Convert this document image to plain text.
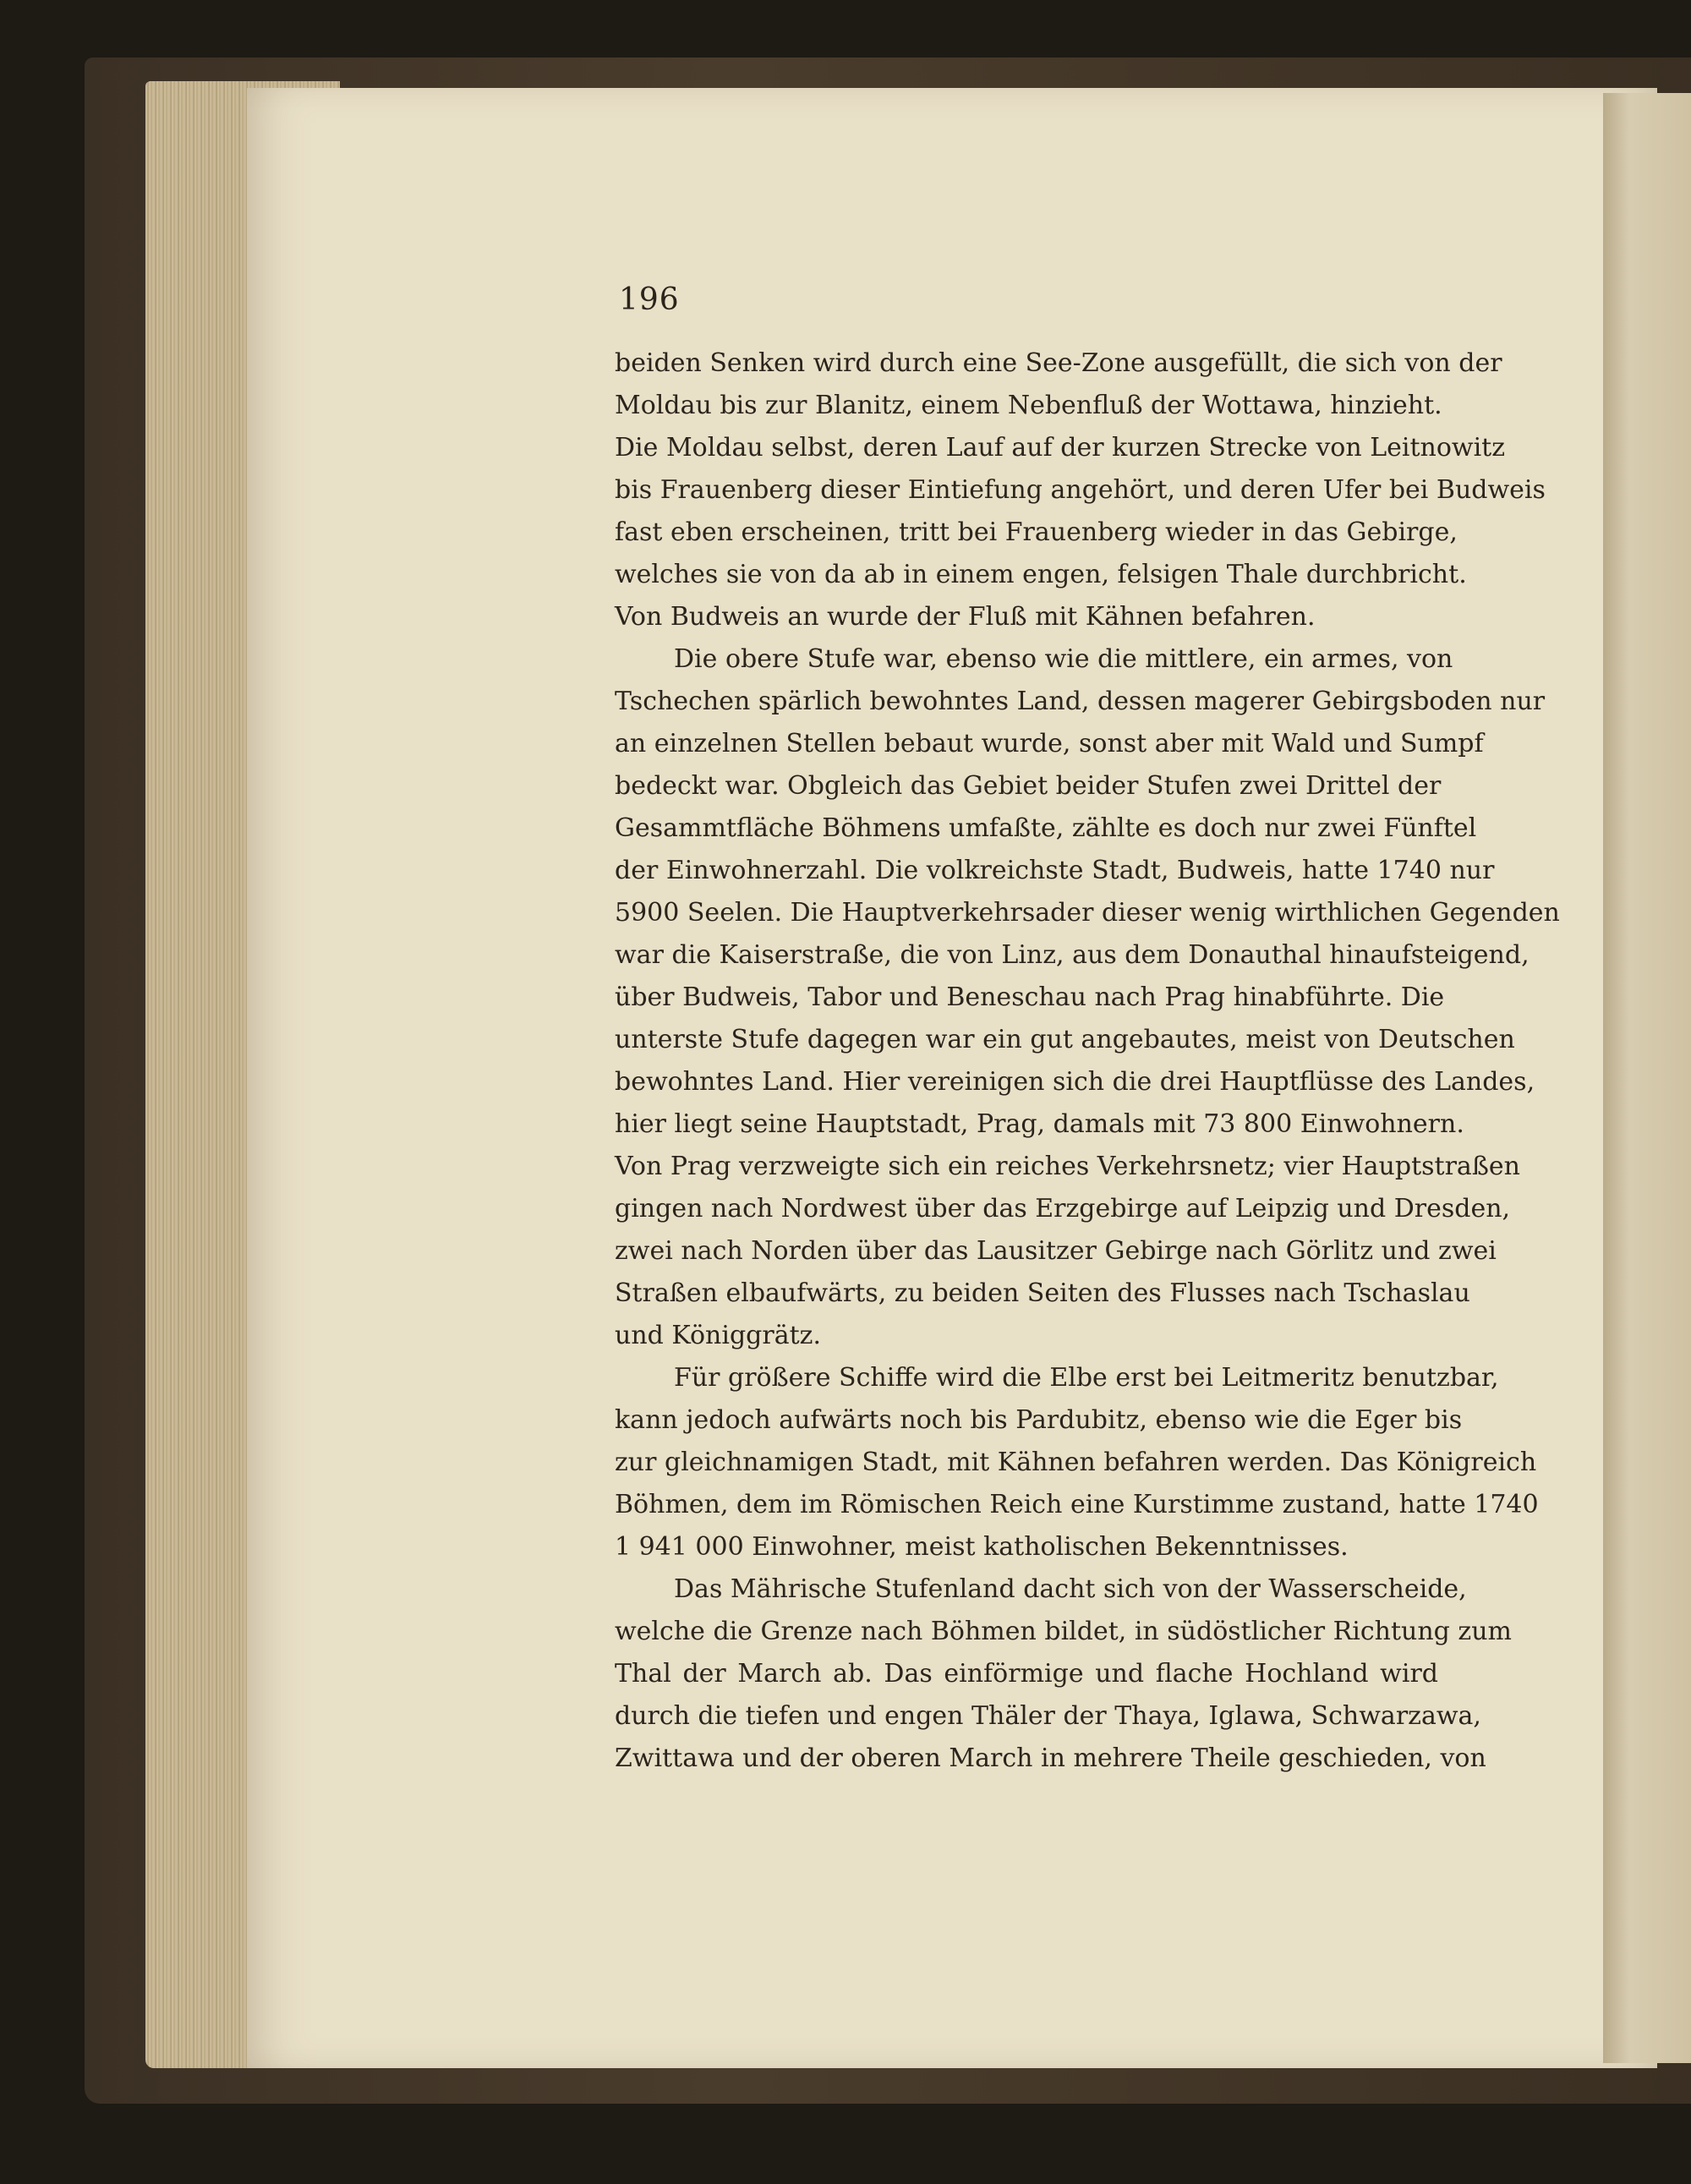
196
beiden Senken wird durch eine See-Zone ausgefüllt, die sich von der
Moldau bis zur Blanitz, einem Nebenfluß der Wottawa, hinzieht.
Die Moldau selbst, deren Lauf auf der kurzen Strecke von Leitnowitz
bis Frauenberg dieser Eintiefung angehört, und deren Ufer bei Budweis
fast eben erscheinen, tritt bei Frauenberg wieder in das Gebirge,
welches sie von da ab in einem engen, felsigen Thale durchbricht.
Von Budweis an wurde der Fluß mit Kähnen befahren.
Die obere Stufe war, ebenso wie die mittlere, ein armes, von
Tschechen spärlich bewohntes Land, dessen magerer Gebirgsboden nur
an einzelnen Stellen bebaut wurde, sonst aber mit Wald und Sumpf
bedeckt war. Obgleich das Gebiet beider Stufen zwei Drittel der
Gesammtfläche Böhmens umfaßte, zählte es doch nur zwei Fünftel
der Einwohnerzahl. Die volkreichste Stadt, Budweis, hatte 1740 nur
5900 Seelen. Die Hauptverkehrsader dieser wenig wirthlichen Gegenden
war die Kaiserstraße, die von Linz, aus dem Donauthal hinaufsteigend,
über Budweis, Tabor und Beneschau nach Prag hinabführte. Die
unterste Stufe dagegen war ein gut angebautes, meist von Deutschen
bewohntes Land. Hier vereinigen sich die drei Hauptflüsse des Landes,
hier liegt seine Hauptstadt, Prag, damals mit 73 800 Einwohnern.
Von Prag verzweigte sich ein reiches Verkehrsnetz; vier Hauptstraßen
gingen nach Nordwest über das Erzgebirge auf Leipzig und Dresden,
zwei nach Norden über das Lausitzer Gebirge nach Görlitz und zwei
Straßen elbaufwärts, zu beiden Seiten des Flusses nach Tschaslau
und Königgrätz.
Für größere Schiffe wird die Elbe erst bei Leitmeritz benutzbar,
kann jedoch aufwärts noch bis Pardubitz, ebenso wie die Eger bis
zur gleichnamigen Stadt, mit Kähnen befahren werden. Das Königreich
Böhmen, dem im Römischen Reich eine Kurstimme zustand, hatte 1740
1 941 000 Einwohner, meist katholischen Bekenntnisses.
Das Mährische Stufenland dacht sich von der Wasserscheide,
welche die Grenze nach Böhmen bildet, in südöstlicher Richtung zum
Thal der March ab. Das einförmige und flache Hochland wird
durch die tiefen und engen Thäler der Thaya, Iglawa, Schwarzawa,
Zwittawa und der oberen March in mehrere Theile geschieden, von
